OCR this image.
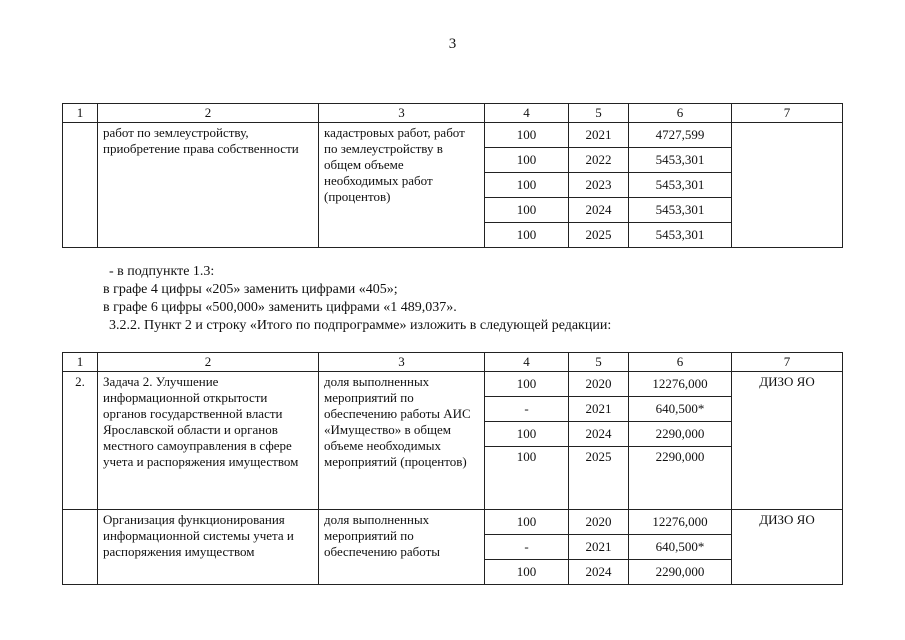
3
1	2	3	4	5	6	7
	работ по землеустройству, приобретение права собственности	кадастровых работ, работ по землеустройству в общем объеме необходимых работ (процентов)	100	2021	4727,599	
			100	2022	5453,301	
			100	2023	5453,301	
			100	2024	5453,301	
			100	2025	5453,301	
- в подпункте 1.3:
в графе 4 цифры «205» заменить цифрами «405»;
в графе 6 цифры «500,000» заменить цифрами «1 489,037».
3.2.2. Пункт 2 и строку «Итого по подпрограмме» изложить в следующей редакции:
1	2	3	4	5	6	7
2.	Задача 2. Улучшение информационной открытости органов государственной власти Ярославской области и органов местного самоуправления в сфере учета и распоряжения имуществом	доля выполненных мероприятий по обеспечению работы АИС «Имущество» в общем объеме необходимых мероприятий (процентов)	100	2020	12276,000	ДИЗО ЯО
			-	2021	640,500*	
			100	2024	2290,000	
			100	2025	2290,000	
	Организация функционирования информационной системы учета и распоряжения имуществом	доля выполненных мероприятий по обеспечению работы	100	2020	12276,000	ДИЗО ЯО
			-	2021	640,500*	
			100	2024	2290,000	
